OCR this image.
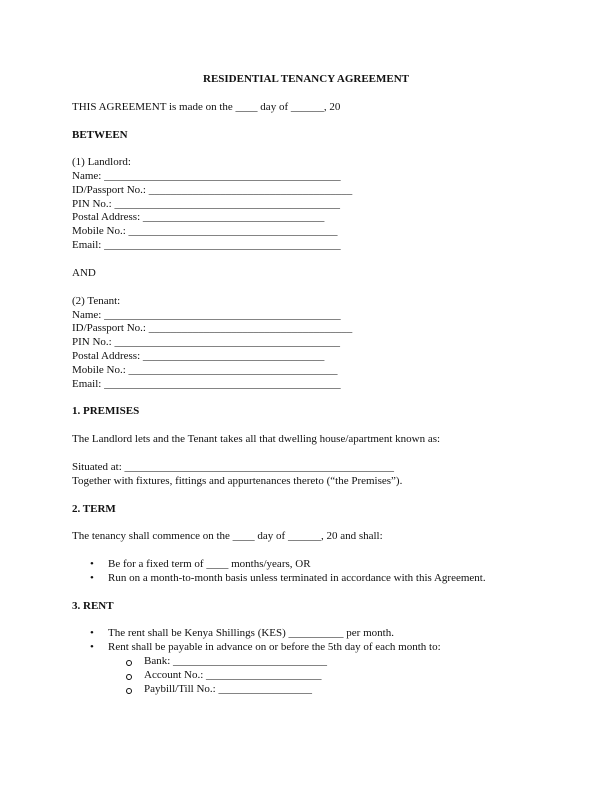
RESIDENTIAL TENANCY AGREEMENT
THIS AGREEMENT is made on the ____ day of ______, 20
BETWEEN
(1) Landlord:
Name: ___________________________________________
ID/Passport No.: _____________________________________
PIN No.: _________________________________________
Postal Address: _________________________________
Mobile No.: ______________________________________
Email: ___________________________________________
AND
(2) Tenant:
Name: ___________________________________________
ID/Passport No.: _____________________________________
PIN No.: _________________________________________
Postal Address: _________________________________
Mobile No.: ______________________________________
Email: ___________________________________________
1. PREMISES
The Landlord lets and the Tenant takes all that dwelling house/apartment known as:
Situated at: _________________________________________________
Together with fixtures, fittings and appurtenances thereto (“the Premises”).
2. TERM
The tenancy shall commence on the ____ day of ______, 20 and shall:
• Be for a fixed term of ____ months/years, OR
• Run on a month-to-month basis unless terminated in accordance with this Agreement.
3. RENT
• The rent shall be Kenya Shillings (KES) __________ per month.
• Rent shall be payable in advance on or before the 5th day of each month to:
Bank: ____________________________
Account No.: _____________________
Paybill/Till No.: _________________
